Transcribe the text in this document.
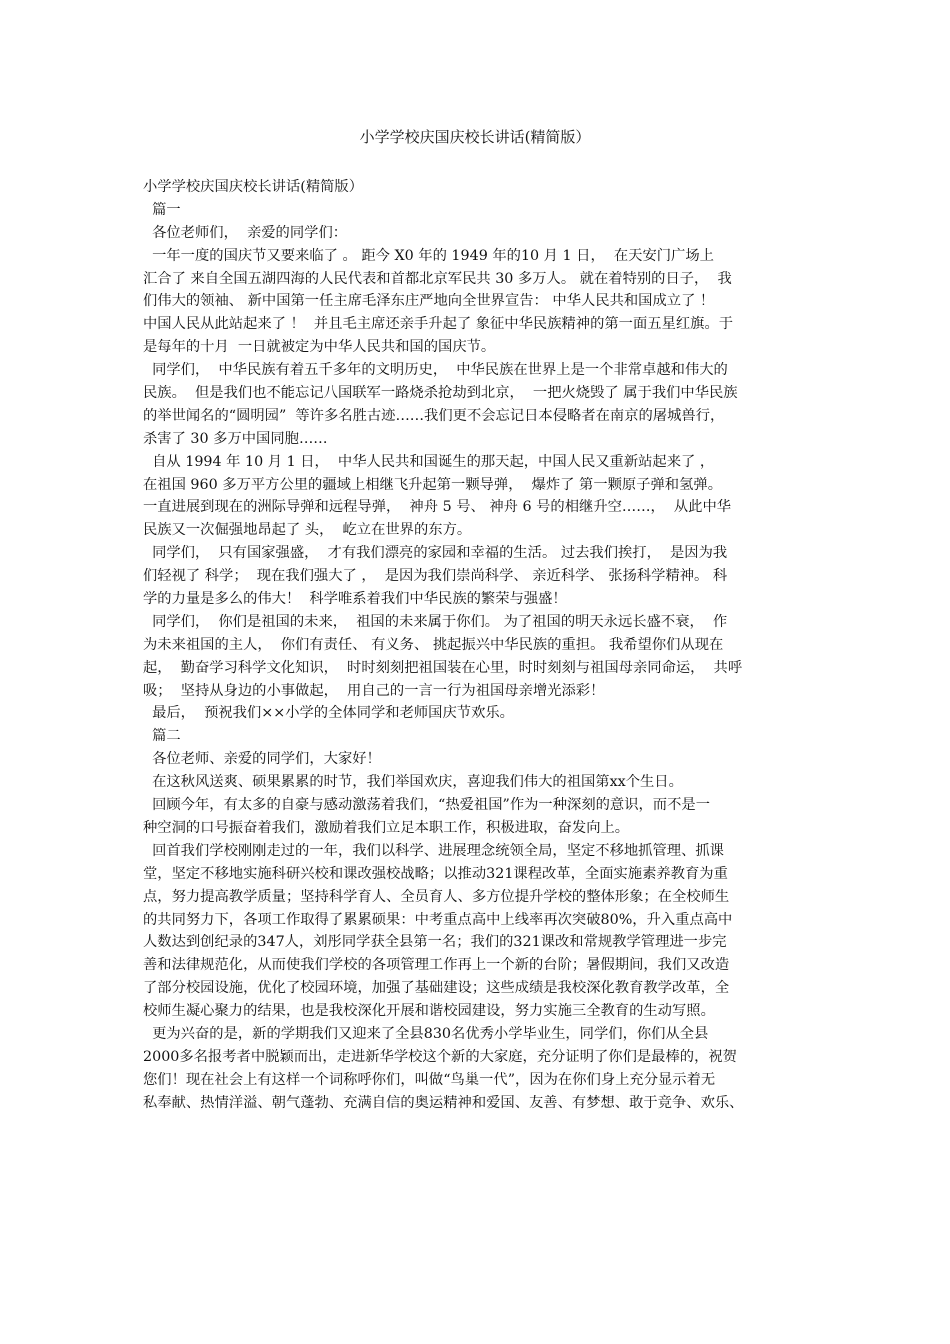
小学学校庆国庆校长讲话(精简版）
小学学校庆国庆校长讲话(精简版）
篇一
各位老师们，  亲爱的同学们：
一年一度的国庆节又要来临了 。 距今 X0 年的 1949 年的10 月 1 日，  在天安门广场上
汇合了 来自全国五湖四海的人民代表和首都北京军民共 30 多万人。 就在着特别的日子，  我
们伟大的领袖、 新中国第一任主席毛泽东庄严地向全世界宣告： 中华人民共和国成立了 ！
中国人民从此站起来了 ！  并且毛主席还亲手升起了 象征中华民族精神的第一面五星红旗。于
是每年的十月  一日就被定为中华人民共和国的国庆节。
同学们，  中华民族有着五千多年的文明历史，  中华民族在世界上是一个非常卓越和伟大的
民族。  但是我们也不能忘记八国联军一路烧杀抢劫到北京，  一把火烧毁了 属于我们中华民族
的举世闻名的“圆明园”  等许多名胜古迹……我们更不会忘记日本侵略者在南京的屠城兽行，
杀害了 30 多万中国同胞……
自从 1994 年 10 月 1 日，  中华人民共和国诞生的那天起，中国人民又重新站起来了 ，
在祖国 960 多万平方公里的疆域上相继飞升起第一颗导弹，  爆炸了 第一颗原子弹和氢弹。
一直进展到现在的洲际导弹和远程导弹，  神舟 5 号、 神舟 6 号的相继升空……，  从此中华
民族又一次倔强地昂起了 头，  屹立在世界的东方。
同学们，  只有国家强盛，  才有我们漂亮的家园和幸福的生活。 过去我们挨打，  是因为我
们轻视了 科学；  现在我们强大了 ，  是因为我们崇尚科学、 亲近科学、 张扬科学精神。 科
学的力量是多么的伟大！  科学唯系着我们中华民族的繁荣与强盛！
同学们，  你们是祖国的未来，  祖国的未来属于你们。 为了祖国的明天永远长盛不衰，  作
为未来祖国的主人，  你们有责任、 有义务、 挑起振兴中华民族的重担。 我希望你们从现在
起，  勤奋学习科学文化知识，  时时刻刻把祖国装在心里，时时刻刻与祖国母亲同命运，  共呼
吸；  坚持从身边的小事做起，  用自己的一言一行为祖国母亲增光添彩！
最后，  预祝我们××小学的全体同学和老师国庆节欢乐。
篇二
各位老师、亲爱的同学们，大家好！
在这秋风送爽、硕果累累的时节，我们举国欢庆，喜迎我们伟大的祖国第xx个生日。
回顾今年，有太多的自豪与感动激荡着我们，“热爱祖国”作为一种深刻的意识，而不是一
种空洞的口号振奋着我们，激励着我们立足本职工作，积极进取，奋发向上。
回首我们学校刚刚走过的一年，我们以科学、进展理念统领全局，坚定不移地抓管理、抓课
堂，坚定不移地实施科研兴校和课改强校战略；以推动321课程改革，全面实施素养教育为重
点，努力提高教学质量；坚持科学育人、全员育人、多方位提升学校的整体形象；在全校师生
的共同努力下，各项工作取得了累累硕果：中考重点高中上线率再次突破80%，升入重点高中
人数达到创纪录的347人，刘彤同学获全县第一名；我们的321课改和常规教学管理进一步完
善和法律规范化，从而使我们学校的各项管理工作再上一个新的台阶；暑假期间，我们又改造
了部分校园设施，优化了校园环境，加强了基础建设；这些成绩是我校深化教育教学改革，全
校师生凝心聚力的结果，也是我校深化开展和谐校园建设，努力实施三全教育的生动写照。
更为兴奋的是，新的学期我们又迎来了全县830名优秀小学毕业生，同学们，你们从全县
2000多名报考者中脱颖而出，走进新华学校这个新的大家庭，充分证明了你们是最棒的，祝贺
您们！现在社会上有这样一个词称呼你们，叫做“鸟巢一代”，因为在你们身上充分显示着无
私奉献、热情洋溢、朝气蓬勃、充满自信的奥运精神和爱国、友善、有梦想、敢于竞争、欢乐、
